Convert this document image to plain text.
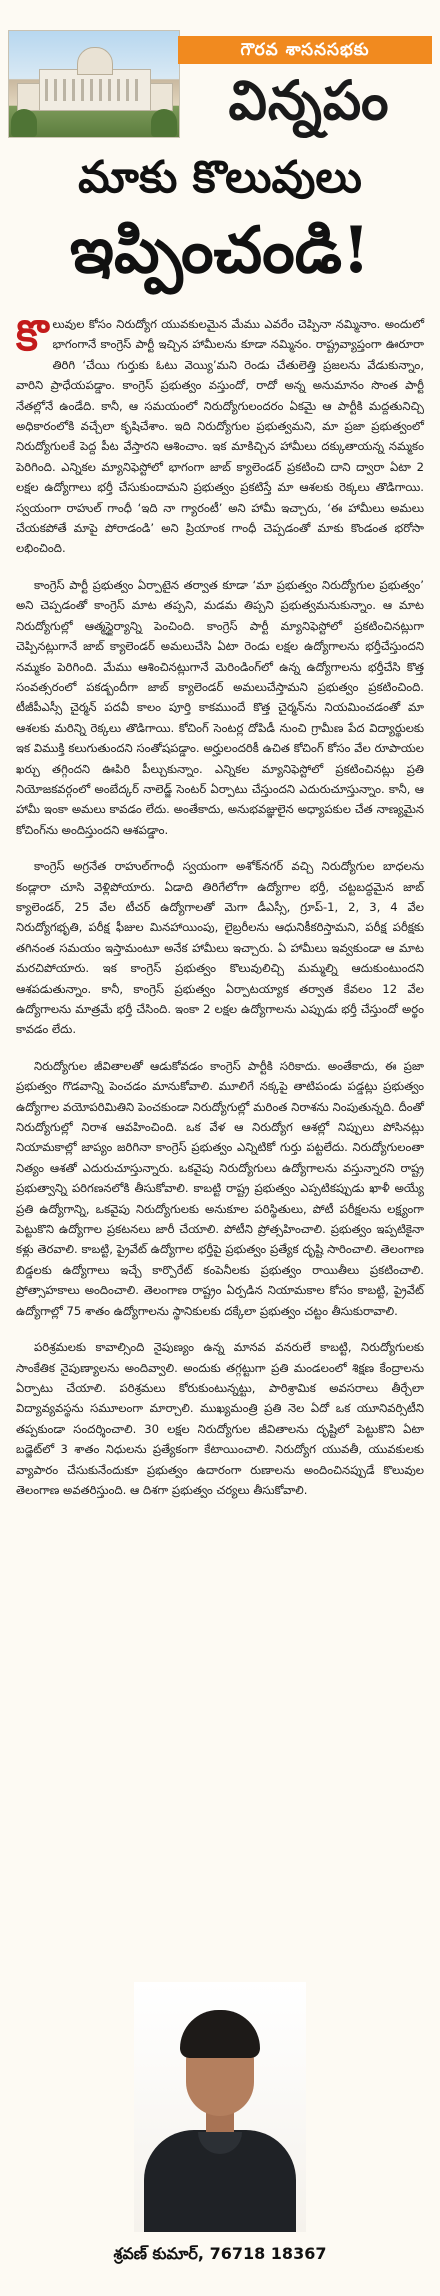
గౌరవ శాసనసభకు
విన్నపం
మాకు కొలువులు
ఇప్పించండి!

కొలువుల కోసం నిరుద్యోగ యువకులమైన మేము ఎవరేం చెప్పినా నమ్మినాం. అందులో భాగంగానే కాంగ్రెస్ పార్టీ ఇచ్చిన హామీలను కూడా నమ్మినం. రాష్ట్రవ్యాప్తంగా ఊరూరా తిరిగి ‘చేయి గుర్తుకు ఓటు వెయ్యి’మని రెండు చేతులెత్తి ప్రజలను వేడుకున్నాం, వారిని ప్రాధేయపడ్డాం. కాంగ్రెస్ ప్రభుత్వం వస్తుందో, రాదో అన్న అనుమానం సొంత పార్టీ నేతల్లోనే ఉండేది. కానీ, ఆ సమయంలో నిరుద్యోగులందరం ఏకమై ఆ పార్టీకి మద్దతునిచ్చి అధికారంలోకి వచ్చేలా కృషిచేశాం. ఇది నిరుద్యోగుల ప్రభుత్వమని, మా ప్రజా ప్రభుత్వంలో నిరుద్యోగులకే పెద్ద పీట వేస్తారని ఆశించాం. ఇక మాకిచ్చిన హామీలు దక్కుతాయన్న నమ్మకం పెరిగింది. ఎన్నికల మ్యానిఫెస్టోలో భాగంగా జాబ్ క్యాలెండర్ ప్రకటించి దాని ద్వారా ఏటా 2 లక్షల ఉద్యోగాలు భర్తీ చేసుకుందామని ప్రభుత్వం ప్రకటిస్తే మా ఆశలకు రెక్కలు తొడిగాయి. స్వయంగా రాహుల్ గాంధీ ‘ఇది నా గ్యారంటీ’ అని హామీ ఇచ్చారు, ‘ఈ హామీలు అమలు చేయకపోతే మాపై పోరాడండి’ అని ప్రియాంక గాంధీ చెప్పడంతో మాకు కొండంత భరోసా లభించింది.

కాంగ్రెస్ పార్టీ ప్రభుత్వం ఏర్పాటైన తర్వాత కూడా ‘మా ప్రభుత్వం నిరుద్యోగుల ప్రభుత్వం’ అని చెప్పడంతో కాంగ్రెస్ మాట తప్పని, మడమ తిప్పని ప్రభుత్వమనుకున్నాం. ఆ మాట నిరుద్యోగుల్లో ఆత్మస్థైర్యాన్ని పెంచింది. కాంగ్రెస్ పార్టీ మ్యానిఫెస్టోలో ప్రకటించినట్లుగా చెప్పినట్లుగానే జాబ్ క్యాలెండర్ అమలుచేసి ఏటా రెండు లక్షల ఉద్యోగాలను భర్తీచేస్తుందని నమ్మకం పెరిగింది. మేము ఆశించినట్లుగానే మెరిండింగ్‌లో ఉన్న ఉద్యోగాలను భర్తీచేసి కొత్త సంవత్సరంలో పకడ్బందీగా జాబ్ క్యాలెండర్ అమలుచేస్తామని ప్రభుత్వం ప్రకటించింది. టీజీపీఎస్సీ చైర్మన్ పదవీ కాలం పూర్తి కాకముందే కొత్త చైర్మన్‌ను నియమించడంతో మా ఆశలకు మరిన్ని రెక్కలు తొడిగాయి. కోచింగ్ సెంటర్ల దోపిడీ నుంచి గ్రామీణ పేద విద్యార్థులకు ఇక విముక్తి కలుగుతుందని సంతోషపడ్డాం. అర్హులందరికీ ఉచిత కోచింగ్ కోసం వేల రూపాయల ఖర్చు తగ్గిందని ఊపిరి పీల్చుకున్నాం. ఎన్నికల మ్యానిఫెస్టోలో ప్రకటించినట్లు ప్రతి నియోజకవర్గంలో అంబేద్కర్ నాలెడ్జ్ సెంటర్ ఏర్పాటు చేస్తుందని ఎదురుచూస్తున్నాం. కానీ, ఆ హామీ ఇంకా అమలు కావడం లేదు. అంతేకాదు, అనుభవజ్ఞులైన అధ్యాపకుల చేత నాణ్యమైన కోచింగ్‌ను అందిస్తుందని ఆశపడ్డాం.

కాంగ్రెస్ అగ్రనేత రాహుల్‌గాంధీ స్వయంగా అశోక్‌నగర్ వచ్చి నిరుద్యోగుల బాధలను కండ్లారా చూసి వెళ్లిపోయారు. ఏడాది తిరిగేలోగా ఉద్యోగాల భర్తీ, చట్టబద్ధమైన జాబ్ క్యాలెండర్, 25 వేల టీచర్ ఉద్యోగాలతో మెగా డీఎస్సీ, గ్రూప్-1, 2, 3, 4 వేల నిరుద్యోగభృతి, పరీక్ష ఫీజుల మినహాయింపు, లైబ్రరీలను ఆధునికీకరిస్తామని, పరీక్ష పరీక్షకు తగినంత సమయం ఇస్తామంటూ అనేక హామీలు ఇచ్చారు. ఏ హామీలు ఇవ్వకుండా ఆ మాట మరచిపోయారు. ఇక కాంగ్రెస్ ప్రభుత్వం కొలువులిచ్చి మమ్మల్ని ఆదుకుంటుందని ఆశపడుతున్నాం. కానీ, కాంగ్రెస్ ప్రభుత్వం ఏర్పాటయ్యాక తర్వాత కేవలం 12 వేల ఉద్యోగాలను మాత్రమే భర్తీ చేసింది. ఇంకా 2 లక్షల ఉద్యోగాలను ఎప్పుడు భర్తీ చేస్తుందో అర్థం కావడం లేదు.

నిరుద్యోగుల జీవితాలతో ఆడుకోవడం కాంగ్రెస్ పార్టీకి సరికాదు. అంతేకాదు, ఈ ప్రజా ప్రభుత్వం గొడవాన్ని పెంచడం మానుకోవాలి. మూలిగే నక్కపై తాటిపండు పడ్డట్లు ప్రభుత్వం ఉద్యోగాల వయోపరిమితిని పెంచకుండా నిరుద్యోగుల్లో మరింత నిరాశను నింపుతున్నది. దీంతో నిరుద్యోగుల్లో నిరాశ ఆవహించింది. ఒక వేళ ఆ నిరుద్యోగ ఆశల్లో నిప్పులు పోసినట్లు నియామకాల్లో జాప్యం జరిగినా కాంగ్రెస్ ప్రభుత్వం ఎన్నిటికో గుర్తు పట్టలేదు. నిరుద్యోగులంతా నిత్యం ఆశతో ఎదురుచూస్తున్నారు. ఒకవైపు నిరుద్యోగులు ఉద్యోగాలను వస్తున్నారని రాష్ట్ర ప్రభుత్వాన్ని పరిగణనలోకి తీసుకోవాలి. కాబట్టి రాష్ట్ర ప్రభుత్వం ఎప్పటికప్పుడు ఖాళీ అయ్యే ప్రతి ఉద్యోగాన్ని, ఒకవైపు నిరుద్యోగులకు అనుకూల పరిస్థితులు, పోటీ పరీక్షలను లక్ష్యంగా పెట్టుకొని ఉద్యోగాల ప్రకటనలు జారీ చేయాలి. పోటీని ప్రోత్సహించాలి. ప్రభుత్వం ఇప్పటికైనా కళ్లు తెరవాలి. కాబట్టి, ప్రైవేట్ ఉద్యోగాల భర్తీపై ప్రభుత్వం ప్రత్యేక దృష్టి సారించాలి. తెలంగాణ బిడ్డలకు ఉద్యోగాలు ఇచ్చే కార్పొరేట్ కంపెనీలకు ప్రభుత్వం రాయితీలు ప్రకటించాలి. ప్రోత్సాహకాలు అందించాలి. తెలంగాణ రాష్ట్రం ఏర్పడిన నియామకాల కోసం కాబట్టి, ప్రైవేట్ ఉద్యోగాల్లో 75 శాతం ఉద్యోగాలను స్థానికులకు దక్కేలా ప్రభుత్వం చట్టం తీసుకురావాలి.

పరిశ్రమలకు కావాల్సింది నైపుణ్యం ఉన్న మానవ వనరులే కాబట్టి, నిరుద్యోగులకు సాంకేతిక నైపుణ్యాలను అందివ్వాలి. అందుకు తగ్గట్టుగా ప్రతి మండలంలో శిక్షణ కేంద్రాలను ఏర్పాటు చేయాలి. పరిశ్రమలు కోరుకుంటున్నట్టు, పారిశ్రామిక అవసరాలు తీర్చేలా విద్యావ్యవస్థను సమూలంగా మార్చాలి. ముఖ్యమంత్రి ప్రతి నెల ఏదో ఒక యూనివర్సిటీని తప్పకుండా సందర్శించాలి. 30 లక్షల నిరుద్యోగుల జీవితాలను దృష్టిలో పెట్టుకొని ఏటా బడ్జెట్‌లో 3 శాతం నిధులను ప్రత్యేకంగా కేటాయించాలి. నిరుద్యోగ యువతీ, యువకులకు వ్యాపారం చేసుకునేందుకూ ప్రభుత్వం ఉదారంగా రుణాలను అందించినప్పుడే కొలువుల తెలంగాణ అవతరిస్తుంది. ఆ దిశగా ప్రభుత్వం చర్యలు తీసుకోవాలి.

శ్రవణ్ కుమార్, 76718 18367
